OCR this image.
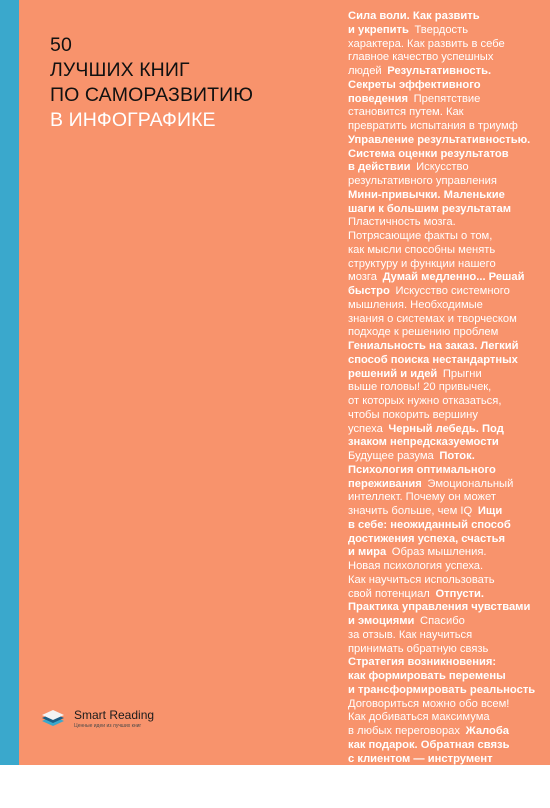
50
ЛУЧШИХ КНИГ
ПО САМОРАЗВИТИЮ
В ИНФОГРАФИКЕ
Сила воли. Как развить
и укрепить  Твердость
характера. Как развить в себе
главное качество успешных
людей  Результативность.
Секреты эффективного
поведения  Препятствие
становится путем. Как
превратить испытания в триумф
Управление результативностью.
Система оценки результатов
в действии  Искусство
результативного управления
Мини-привычки. Маленькие
шаги к большим результатам
Пластичность мозга.
Потрясающие факты о том,
как мысли способны менять
структуру и функции нашего
мозга  Думай медленно... Решай
быстро  Искусство системного
мышления. Необходимые
знания о системах и творческом
подходе к решению проблем
Гениальность на заказ. Легкий
способ поиска нестандартных
решений и идей  Прыгни
выше головы! 20 привычек,
от которых нужно отказаться,
чтобы покорить вершину
успеха  Черный лебедь. Под
знаком непредсказуемости
Будущее разума  Поток.
Психология оптимального
переживания  Эмоциональный
интеллект. Почему он может
значить больше, чем IQ  Ищи
в себе: неожиданный способ
достижения успеха, счастья
и мира  Образ мышления.
Новая психология успеха.
Как научиться использовать
свой потенциал  Отпусти.
Практика управления чувствами
и эмоциями  Спасибо
за отзыв. Как научиться
принимать обратную связь
Стратегия возникновения:
как формировать перемены
и трансформировать реальность
Договориться можно обо всем!
Как добиваться максимума
в любых переговорах  Жалоба
как подарок. Обратная связь
с клиентом — инструмент
маркетинговой стратегии  Агент
влияния. Как изменить все
что угодно  Лидер без титула
Smart Reading
Ценные идеи из лучших книг
